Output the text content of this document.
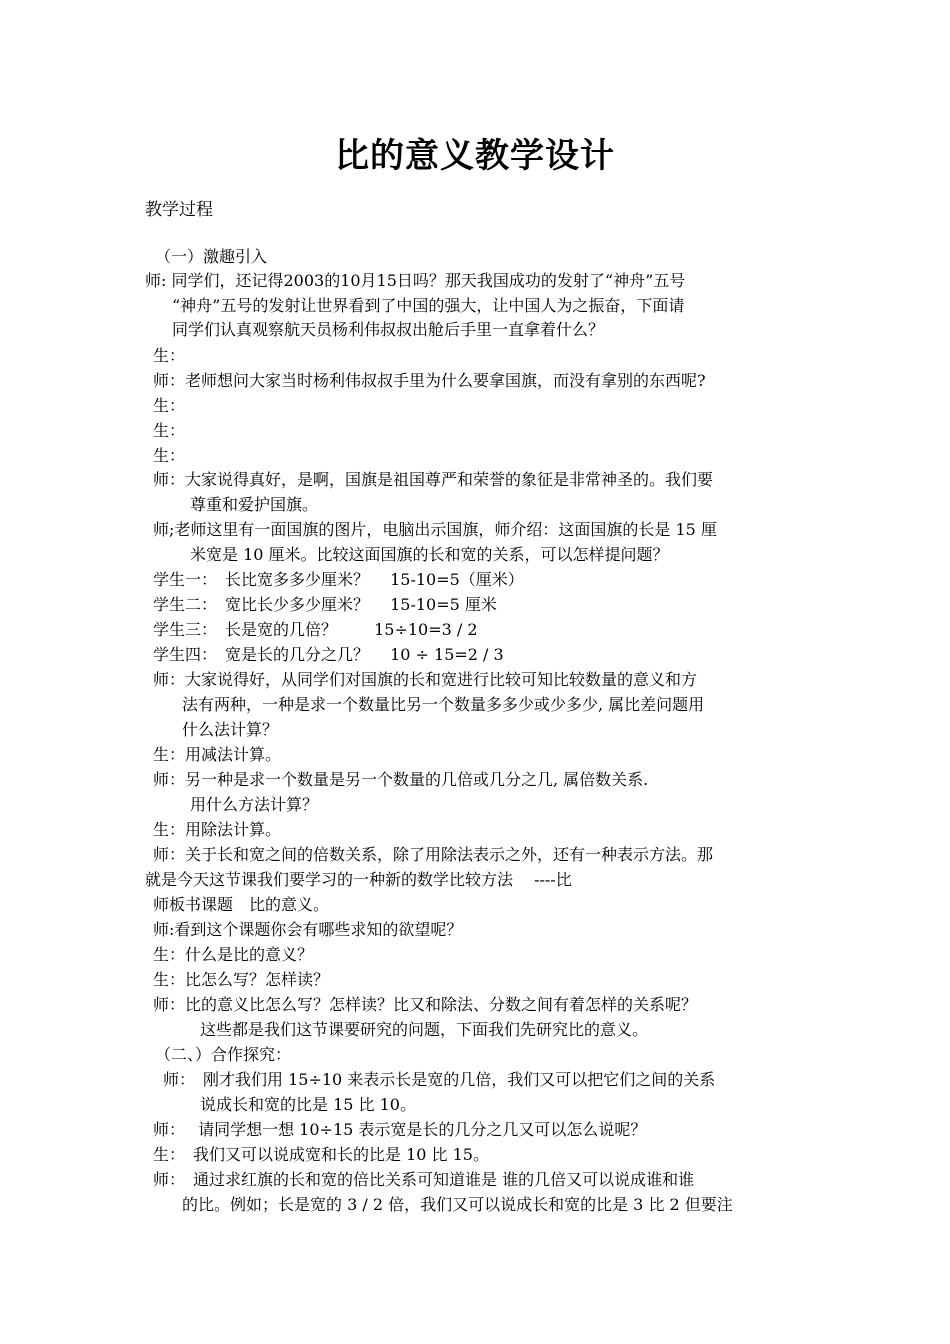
比的意义教学设计
教学过程
（一）激趣引入
师: 同学们，还记得2003的10月15日吗？那天我国成功的发射了“神舟”五号
“神舟”五号的发射让世界看到了中国的强大，让中国人为之振奋，下面请
同学们认真观察航天员杨利伟叔叔出舱后手里一直拿着什么？
生：
师：老师想问大家当时杨利伟叔叔手里为什么要拿国旗，而没有拿别的东西呢?
生：
生：
生：
师：大家说得真好，是啊，国旗是祖国尊严和荣誉的象征是非常神圣的。我们要
尊重和爱护国旗。
师;老师这里有一面国旗的图片，电脑出示国旗，师介绍：这面国旗的长是 15 厘
米宽是 10 厘米。比较这面国旗的长和宽的关系，可以怎样提问题？
学生一：　长比宽多多少厘米？　 15-10=5（厘米）
学生二：　宽比长少多少厘米？　 15-10=5 厘米
学生三：　长是宽的几倍？　　 15÷10=3 / 2
学生四：　宽是长的几分之几？　 10 ÷ 15=2 / 3
师：大家说得好，从同学们对国旗的长和宽进行比较可知比较数量的意义和方
法有两种，一种是求一个数量比另一个数量多多少或少多少, 属比差问题用
什么法计算？
生：用减法计算。
师：另一种是求一个数量是另一个数量的几倍或几分之几, 属倍数关系.
用什么方法计算？
生：用除法计算。
师：关于长和宽之间的倍数关系，除了用除法表示之外，还有一种表示方法。那
就是今天这节课我们要学习的一种新的数学比较方法　 ----比
师板书课题　比的意义。
师:看到这个课题你会有哪些求知的欲望呢？
生：什么是比的意义？
生：比怎么写？怎样读？
师：比的意义比怎么写？怎样读？比又和除法、分数之间有着怎样的关系呢？
这些都是我们这节课要研究的问题，下面我们先研究比的意义。
（二、）合作探究：
师：　刚才我们用 15÷10 来表示长是宽的几倍，我们又可以把它们之间的关系
说成长和宽的比是 15 比 10。
师：　 请同学想一想 10÷15 表示宽是长的几分之几又可以怎么说呢？
生：　我们又可以说成宽和长的比是 10 比 15。
师：　通过求红旗的长和宽的倍比关系可知道谁是 谁的几倍又可以说成谁和谁
的比。例如；长是宽的 3 / 2 倍，我们又可以说成长和宽的比是 3 比 2 但要注
